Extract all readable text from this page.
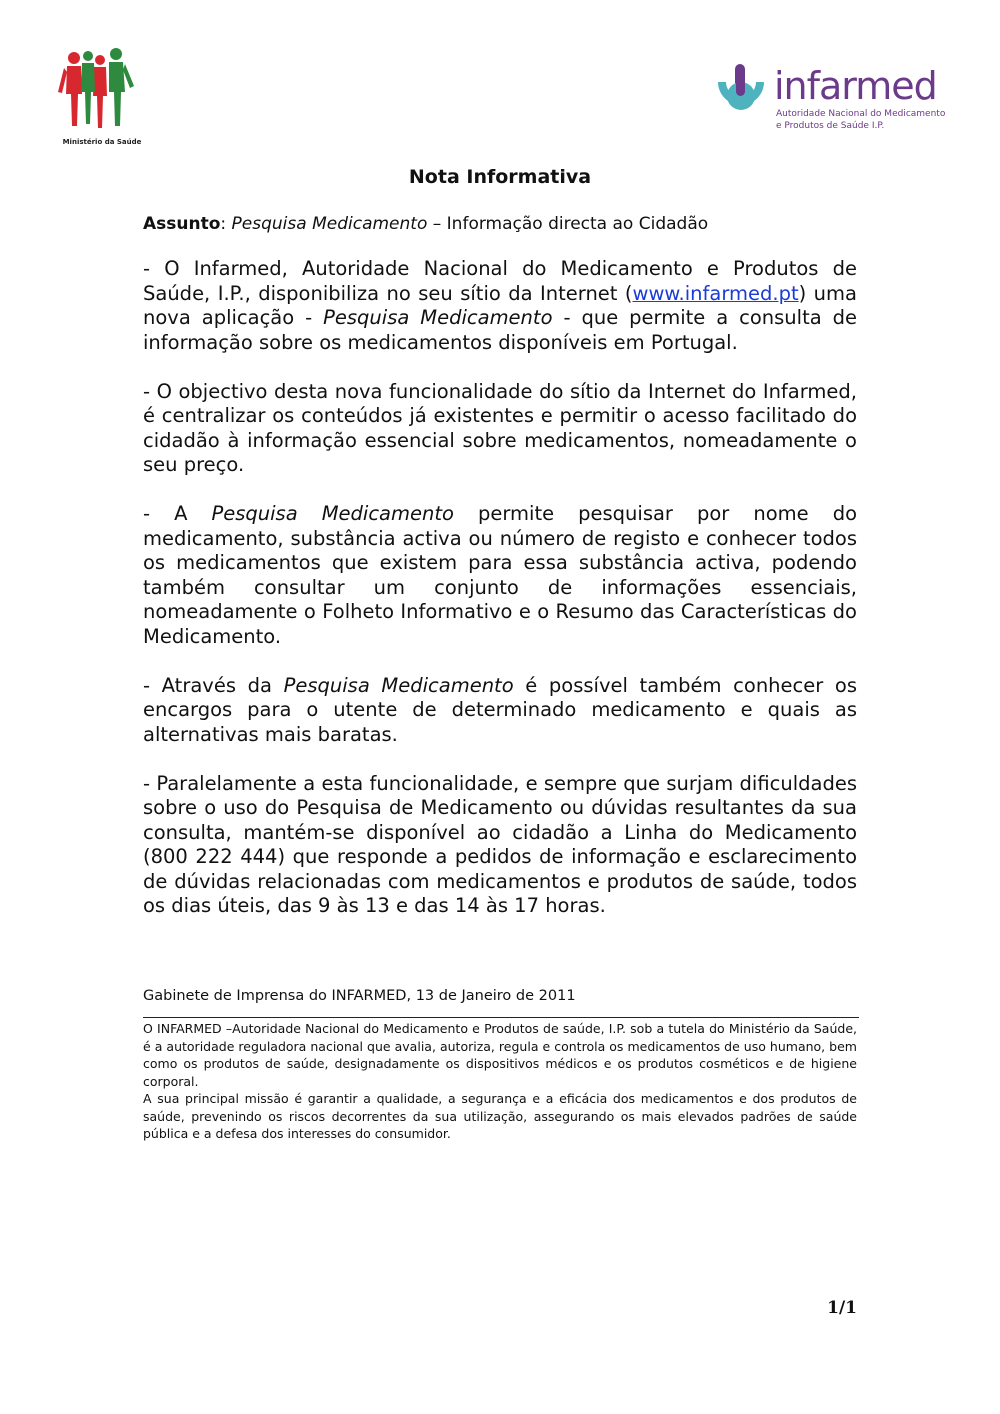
Ministério da Saúde
infarmed
Autoridade Nacional do Medicamento
e Produtos de Saúde I.P.
Nota Informativa
Assunto: Pesquisa Medicamento – Informação directa ao Cidadão

- O Infarmed, Autoridade Nacional do Medicamento e Produtos de Saúde, I.P., disponibiliza no seu sítio da Internet (www.infarmed.pt) uma nova aplicação - Pesquisa Medicamento - que permite a consulta de informação sobre os medicamentos disponíveis em Portugal.

- O objectivo desta nova funcionalidade do sítio da Internet do Infarmed, é centralizar os conteúdos já existentes e permitir o acesso facilitado do cidadão à informação essencial sobre medicamentos, nomeadamente o seu preço.

- A Pesquisa Medicamento permite pesquisar por nome do medicamento, substância activa ou número de registo e conhecer todos os medicamentos que existem para essa substância activa, podendo também consultar um conjunto de informações essenciais, nomeadamente o Folheto Informativo e o Resumo das Características do Medicamento.

- Através da Pesquisa Medicamento é possível também conhecer os encargos para o utente de determinado medicamento e quais as alternativas mais baratas.

- Paralelamente a esta funcionalidade, e sempre que surjam dificuldades sobre o uso do Pesquisa de Medicamento ou dúvidas resultantes da sua consulta, mantém-se disponível ao cidadão a Linha do Medicamento (800 222 444) que responde a pedidos de informação e esclarecimento de dúvidas relacionadas com medicamentos e produtos de saúde, todos os dias úteis, das 9 às 13 e das 14 às 17 horas.

Gabinete de Imprensa do INFARMED, 13 de Janeiro de 2011

O INFARMED –Autoridade Nacional do Medicamento e Produtos de saúde, I.P. sob a tutela do Ministério da Saúde, é a autoridade reguladora nacional que avalia, autoriza, regula e controla os medicamentos de uso humano, bem como os produtos de saúde, designadamente os dispositivos médicos e os produtos cosméticos e de higiene corporal.

A sua principal missão é garantir a qualidade, a segurança e a eficácia dos medicamentos e dos produtos de saúde, prevenindo os riscos decorrentes da sua utilização, assegurando os mais elevados padrões de saúde pública e a defesa dos interesses do consumidor.

1/1
